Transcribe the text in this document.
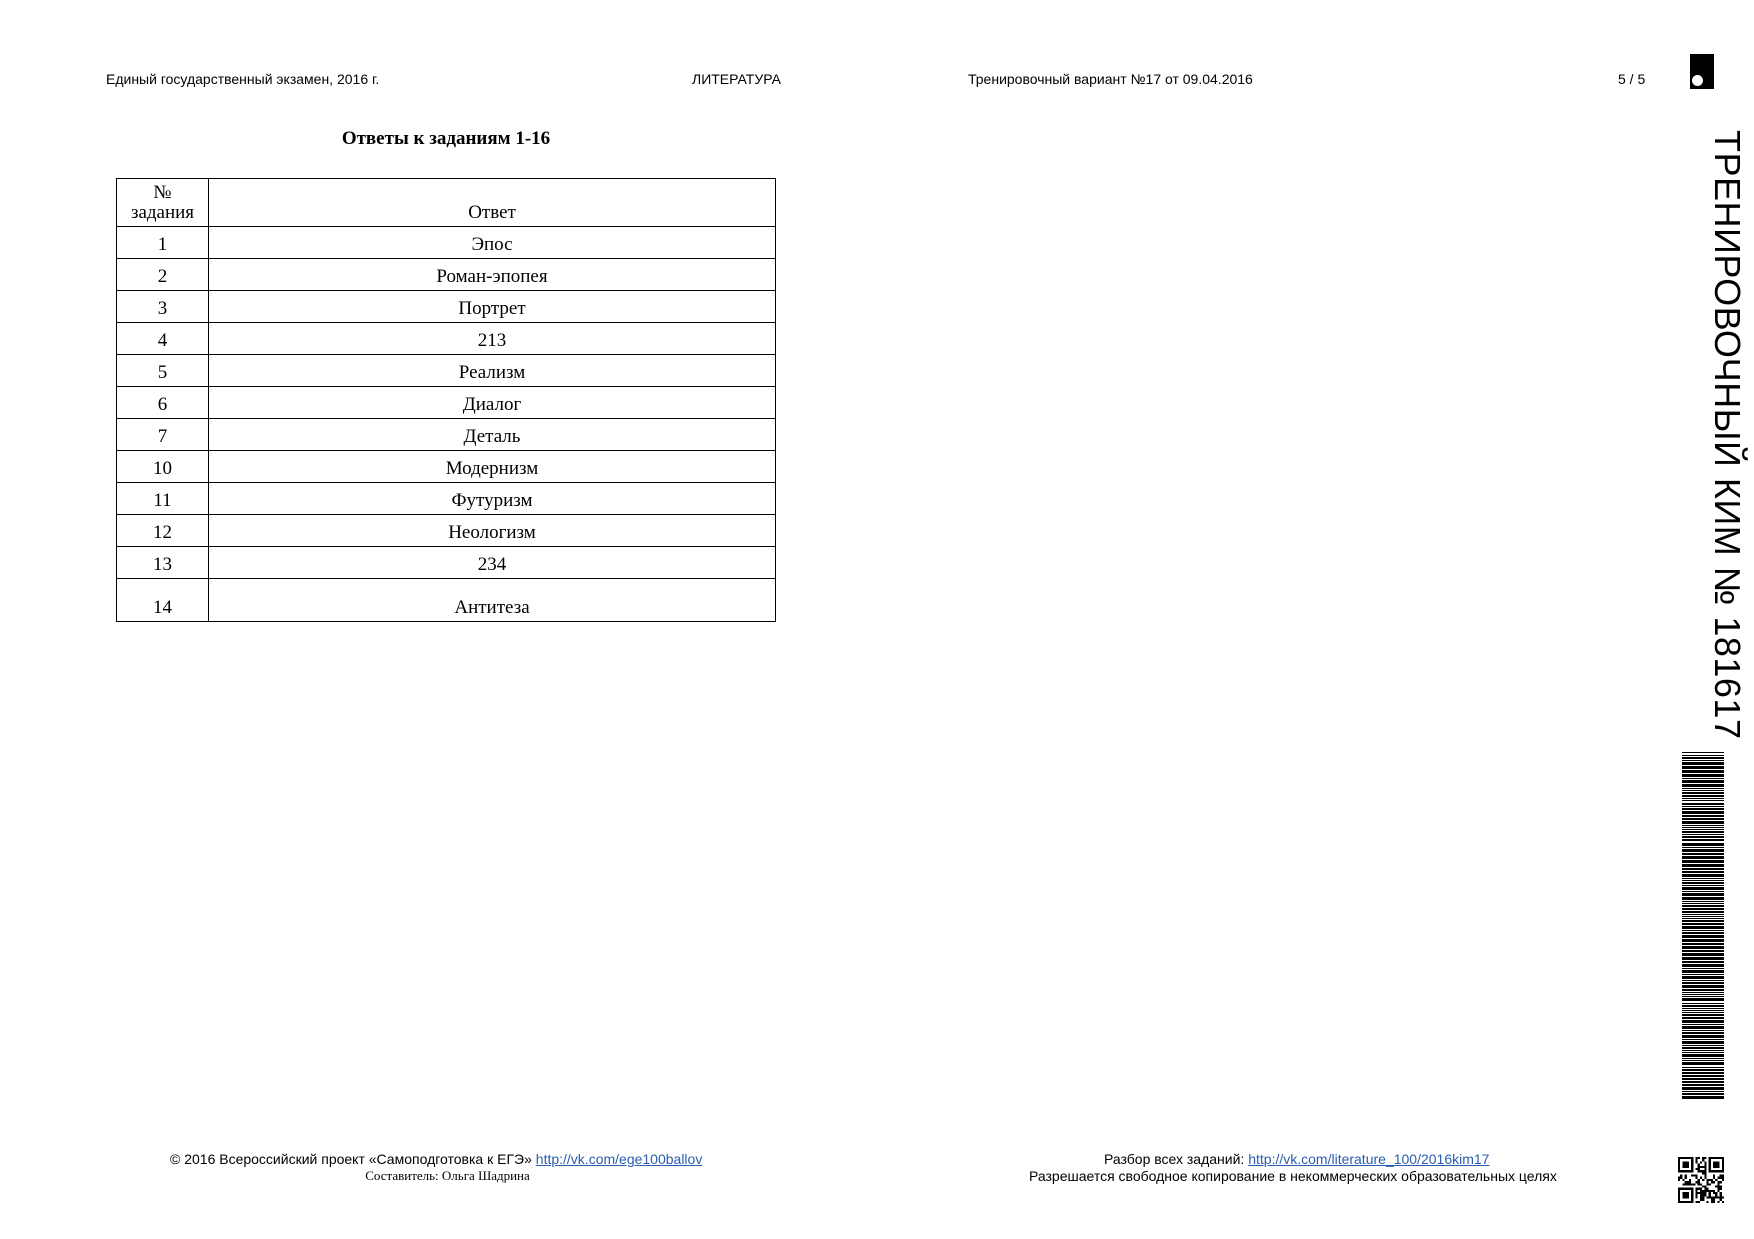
Единый государственный экзамен, 2016 г.	ЛИТЕРАТУРА	Тренировочный вариант №17 от 09.04.2016	5 / 5
Ответы к заданиям 1-16
№
задания	Ответ
1	Эпос
2	Роман-эпопея
3	Портрет
4	213
5	Реализм
6	Диалог
7	Деталь
10	Модернизм
11	Футуризм
12	Неологизм
13	234
14	Антитеза	ТРЕНИРОВОЧНЫЙ КИМ № 181617
© 2016 Всероссийский проект «Самоподготовка к ЕГЭ» http://vk.com/ege100ballov
Составитель: Ольга Шадрина
Разбор всех заданий: http://vk.com/literature_100/2016kim17
Разрешается свободное копирование в некоммерческих образовательных целях
